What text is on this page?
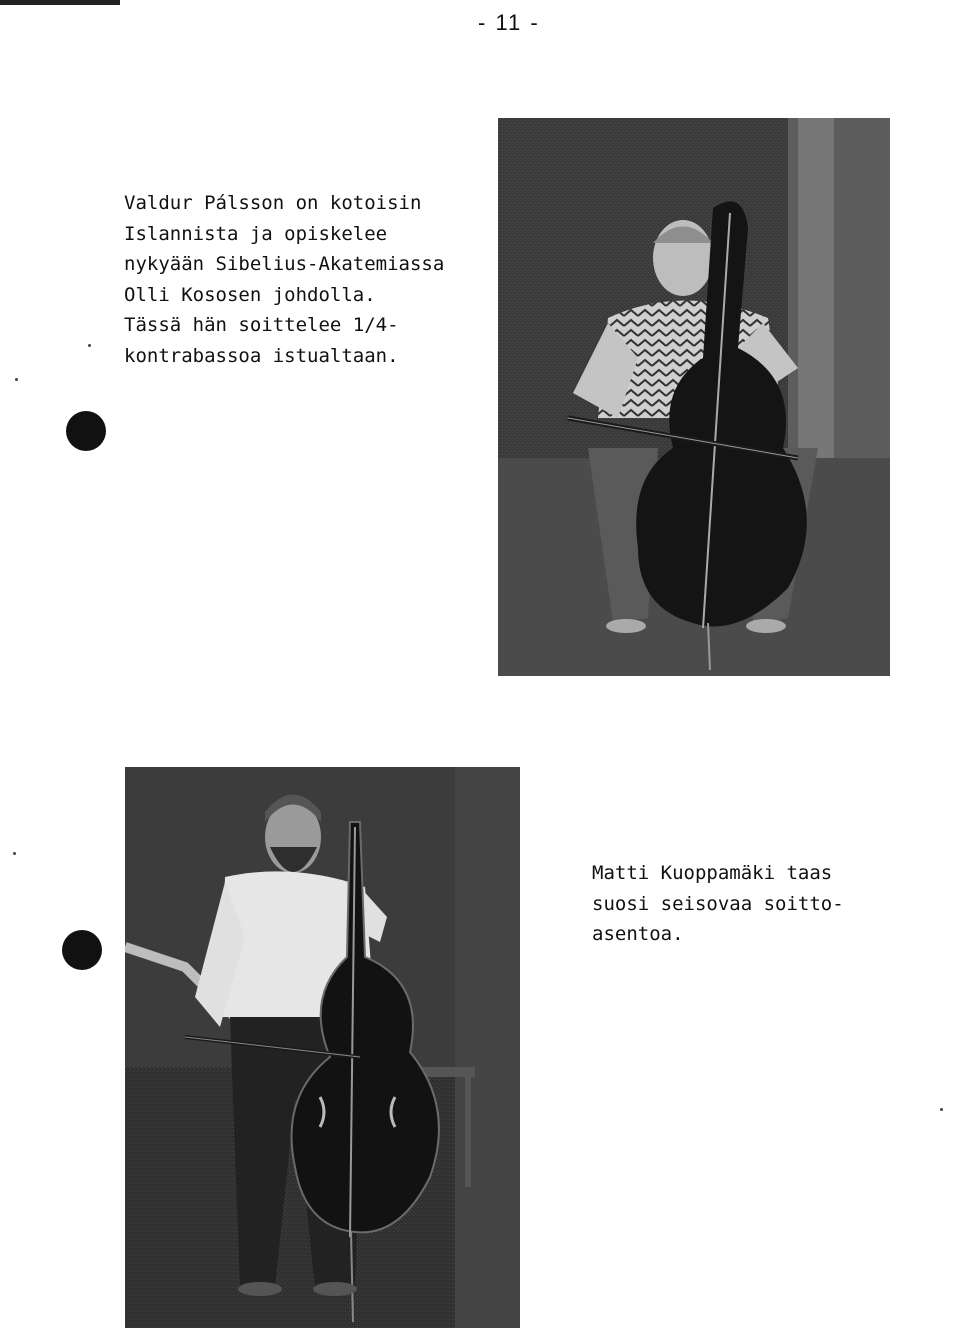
- 11 -
Valdur Pálsson on kotoisin
Islannista ja opiskelee
nykyään Sibelius-Akatemiassa
Olli Kososen johdolla.
Tässä hän soittelee 1/4-
kontrabassoa istualtaan.
Matti Kuoppamäki taas
suosi seisovaa soitto-
asentoa.
